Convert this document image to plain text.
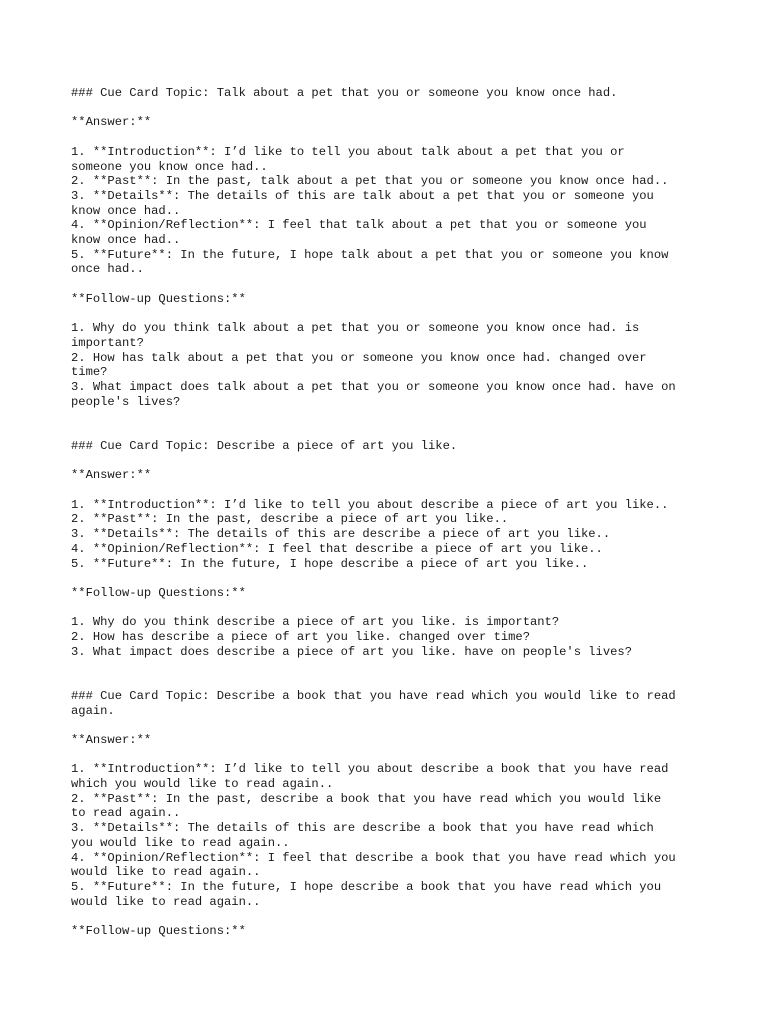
### Cue Card Topic: Talk about a pet that you or someone you know once had.

**Answer:**

1. **Introduction**: I’d like to tell you about talk about a pet that you or
someone you know once had..
2. **Past**: In the past, talk about a pet that you or someone you know once had..
3. **Details**: The details of this are talk about a pet that you or someone you
know once had..
4. **Opinion/Reflection**: I feel that talk about a pet that you or someone you
know once had..
5. **Future**: In the future, I hope talk about a pet that you or someone you know
once had..

**Follow-up Questions:**

1. Why do you think talk about a pet that you or someone you know once had. is
important?
2. How has talk about a pet that you or someone you know once had. changed over
time?
3. What impact does talk about a pet that you or someone you know once had. have on
people's lives?

### Cue Card Topic: Describe a piece of art you like.

**Answer:**

1. **Introduction**: I’d like to tell you about describe a piece of art you like..
2. **Past**: In the past, describe a piece of art you like..
3. **Details**: The details of this are describe a piece of art you like..
4. **Opinion/Reflection**: I feel that describe a piece of art you like..
5. **Future**: In the future, I hope describe a piece of art you like..

**Follow-up Questions:**

1. Why do you think describe a piece of art you like. is important?
2. How has describe a piece of art you like. changed over time?
3. What impact does describe a piece of art you like. have on people's lives?

### Cue Card Topic: Describe a book that you have read which you would like to read
again.

**Answer:**

1. **Introduction**: I’d like to tell you about describe a book that you have read
which you would like to read again..
2. **Past**: In the past, describe a book that you have read which you would like
to read again..
3. **Details**: The details of this are describe a book that you have read which
you would like to read again..
4. **Opinion/Reflection**: I feel that describe a book that you have read which you
would like to read again..
5. **Future**: In the future, I hope describe a book that you have read which you
would like to read again..

**Follow-up Questions:**
